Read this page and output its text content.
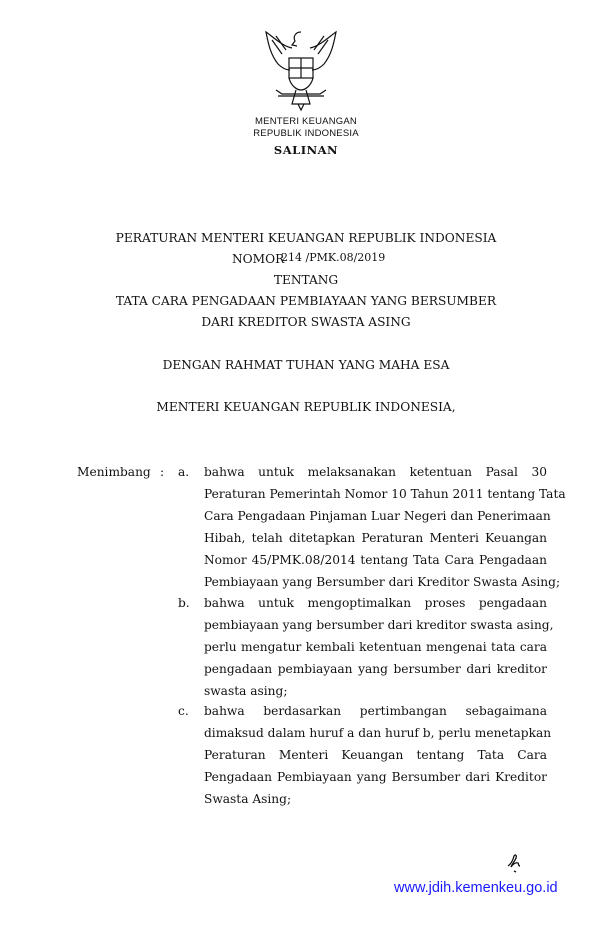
MENTERI KEUANGAN
REPUBLIK INDONESIA
SALINAN
PERATURAN MENTERI KEUANGAN REPUBLIK INDONESIA
NOMOR
214 /PMK.08/2019
TENTANG
TATA CARA PENGADAAN PEMBIAYAAN YANG BERSUMBER
DARI KREDITOR SWASTA ASING
DENGAN RAHMAT TUHAN YANG MAHA ESA
MENTERI KEUANGAN REPUBLIK INDONESIA,
Menimbang : a. bahwa untuk melaksanakan ketentuan Pasal 30
Peraturan Pemerintah Nomor 10 Tahun 2011 tentang Tata
Cara Pengadaan Pinjaman Luar Negeri dan Penerimaan
Hibah, telah ditetapkan Peraturan Menteri Keuangan
Nomor 45/PMK.08/2014 tentang Tata Cara Pengadaan
Pembiayaan yang Bersumber dari Kreditor Swasta Asing;
b. bahwa untuk mengoptimalkan proses pengadaan
pembiayaan yang bersumber dari kreditor swasta asing,
perlu mengatur kembali ketentuan mengenai tata cara
pengadaan pembiayaan yang bersumber dari kreditor
swasta asing;
c. bahwa berdasarkan pertimbangan sebagaimana
dimaksud dalam huruf a dan huruf b, perlu menetapkan
Peraturan Menteri Keuangan tentang Tata Cara
Pengadaan Pembiayaan yang Bersumber dari Kreditor
Swasta Asing;
www.jdih.kemenkeu.go.id
